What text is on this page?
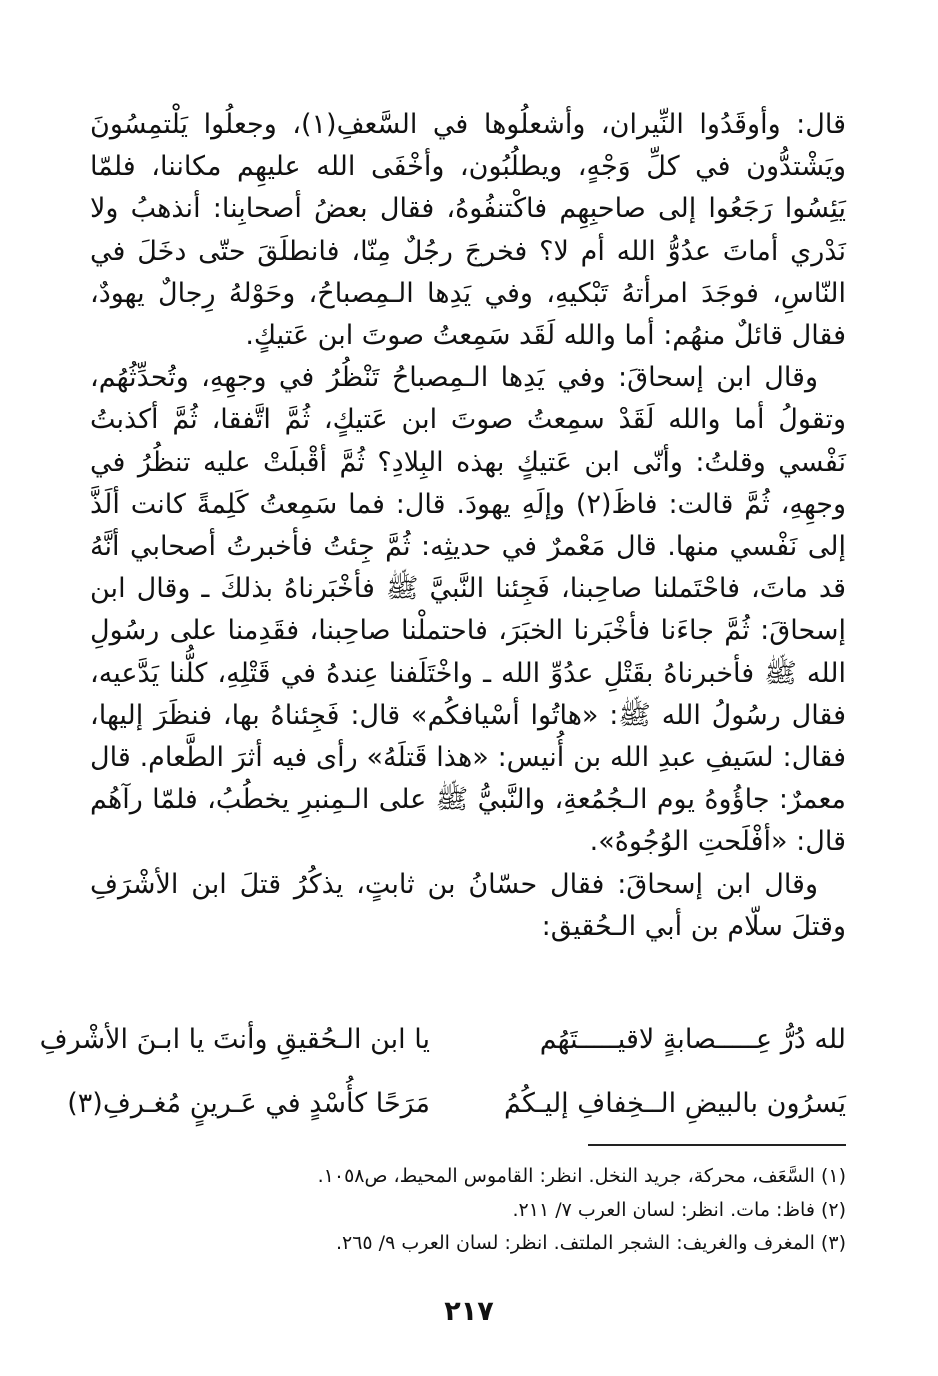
قال: وأوقَدُوا النِّيران، وأشعلُوها في السَّعفِ(١)، وجعلُوا يَلْتمِسُونَ ويَشْتدُّون في كلِّ وَجْهٍ، ويطلُبُون، وأخْفَى الله عليهِم مكاننا، فلمّا يَئِسُوا رَجَعُوا إلى صاحبِهِم فاكْتنفُوهُ، فقال بعضُ أصحابِنا: أنذهبُ ولا نَدْري أماتَ عدُوُّ الله أم لا؟ فخرجَ رجُلٌ مِنّا، فانطلَقَ حتّى دخَلَ في النّاسِ، فوجَدَ امرأتهُ تَبْكيهِ، وفي يَدِها الـمِصباحُ، وحَوْلهُ رِجالٌ يهودٌ، فقال قائلٌ منهُم: أما والله لَقَد سَمِعتُ صوتَ ابن عَتيكٍ.

وقال ابن إسحاقَ: وفي يَدِها الـمِصباحُ تَنْظُرُ في وجهِهِ، وتُحدِّثُهُم، وتقولُ أما والله لَقَدْ سمِعتُ صوتَ ابن عَتيكٍ، ثُمَّ اتَّفقا، ثُمَّ أكذبتُ نَفْسي وقلتُ: وأنّى ابن عَتيكٍ بهذه البِلادِ؟ ثُمَّ أقْبلَتْ عليه تنظُرُ في وجهِهِ، ثُمَّ قالت: فاظَ(٢) وإلَهِ يهودَ. قال: فما سَمِعتُ كَلِمةً كانت ألَذَّ إلى نَفْسي منها. قال مَعْمرٌ في حديثِه: ثُمَّ جِئتُ فأخبرتُ أصحابي أنَّهُ قد ماتَ، فاحْتَملنا صاحِبنا، فَجِئنا النَّبيَّ ﷺ فأخْبَرناهُ بذلكَ ـ وقال ابن إسحاقَ: ثُمَّ جاءَنا فأخْبَرنا الخبَرَ، فاحتملْنا صاحِبنا، فقَدِمنا على رسُولِ الله ﷺ فأخبرناهُ بقَتْلِ عدُوِّ الله ـ واخْتَلَفنا عِندهُ في قَتْلِهِ، كلُّنا يَدَّعيه، فقال رسُولُ الله ﷺ: «هاتُوا أسْيافكُم» قال: فَجِئناهُ بها، فنظَرَ إليها، فقال: لسَيفِ عبدِ الله بن أُنيس: «هذا قَتلَهُ» رأى فيه أثرَ الطَّعام. قال معمرٌ: جاؤُوهُ يوم الـجُمُعةِ، والنَّبيُّ ﷺ على الـمِنبرِ يخطُبُ، فلمّا رآهُم قال: «أفْلَحتِ الوُجُوهُ».

وقال ابن إسحاقَ: فقال حسّانُ بن ثابتٍ، يذكُرُ قتلَ ابن الأشْرَفِ وقتلَ سلّام بن أبي الـحُقيق:

لله دُرُّ عِـــــصابةٍ لاقيـــــتَهُم
يا ابن الـحُقيقِ وأنتَ يا ابـنَ الأشْرفِ
يَسرُون بالبيضِ الــخِفافِ إليـكُمُ
مَرَحًا كأُسْدٍ في عَـرينٍ مُغـرفِ(٣)

(١) السَّعَف، محركة، جريد النخل. انظر: القاموس المحيط، ص١٠٥٨.

(٢) فاظ: مات. انظر: لسان العرب ٧/ ٢١١.

(٣) المغرف والغريف: الشجر الملتف. انظر: لسان العرب ٩/ ٢٦٥.

٢١٧
